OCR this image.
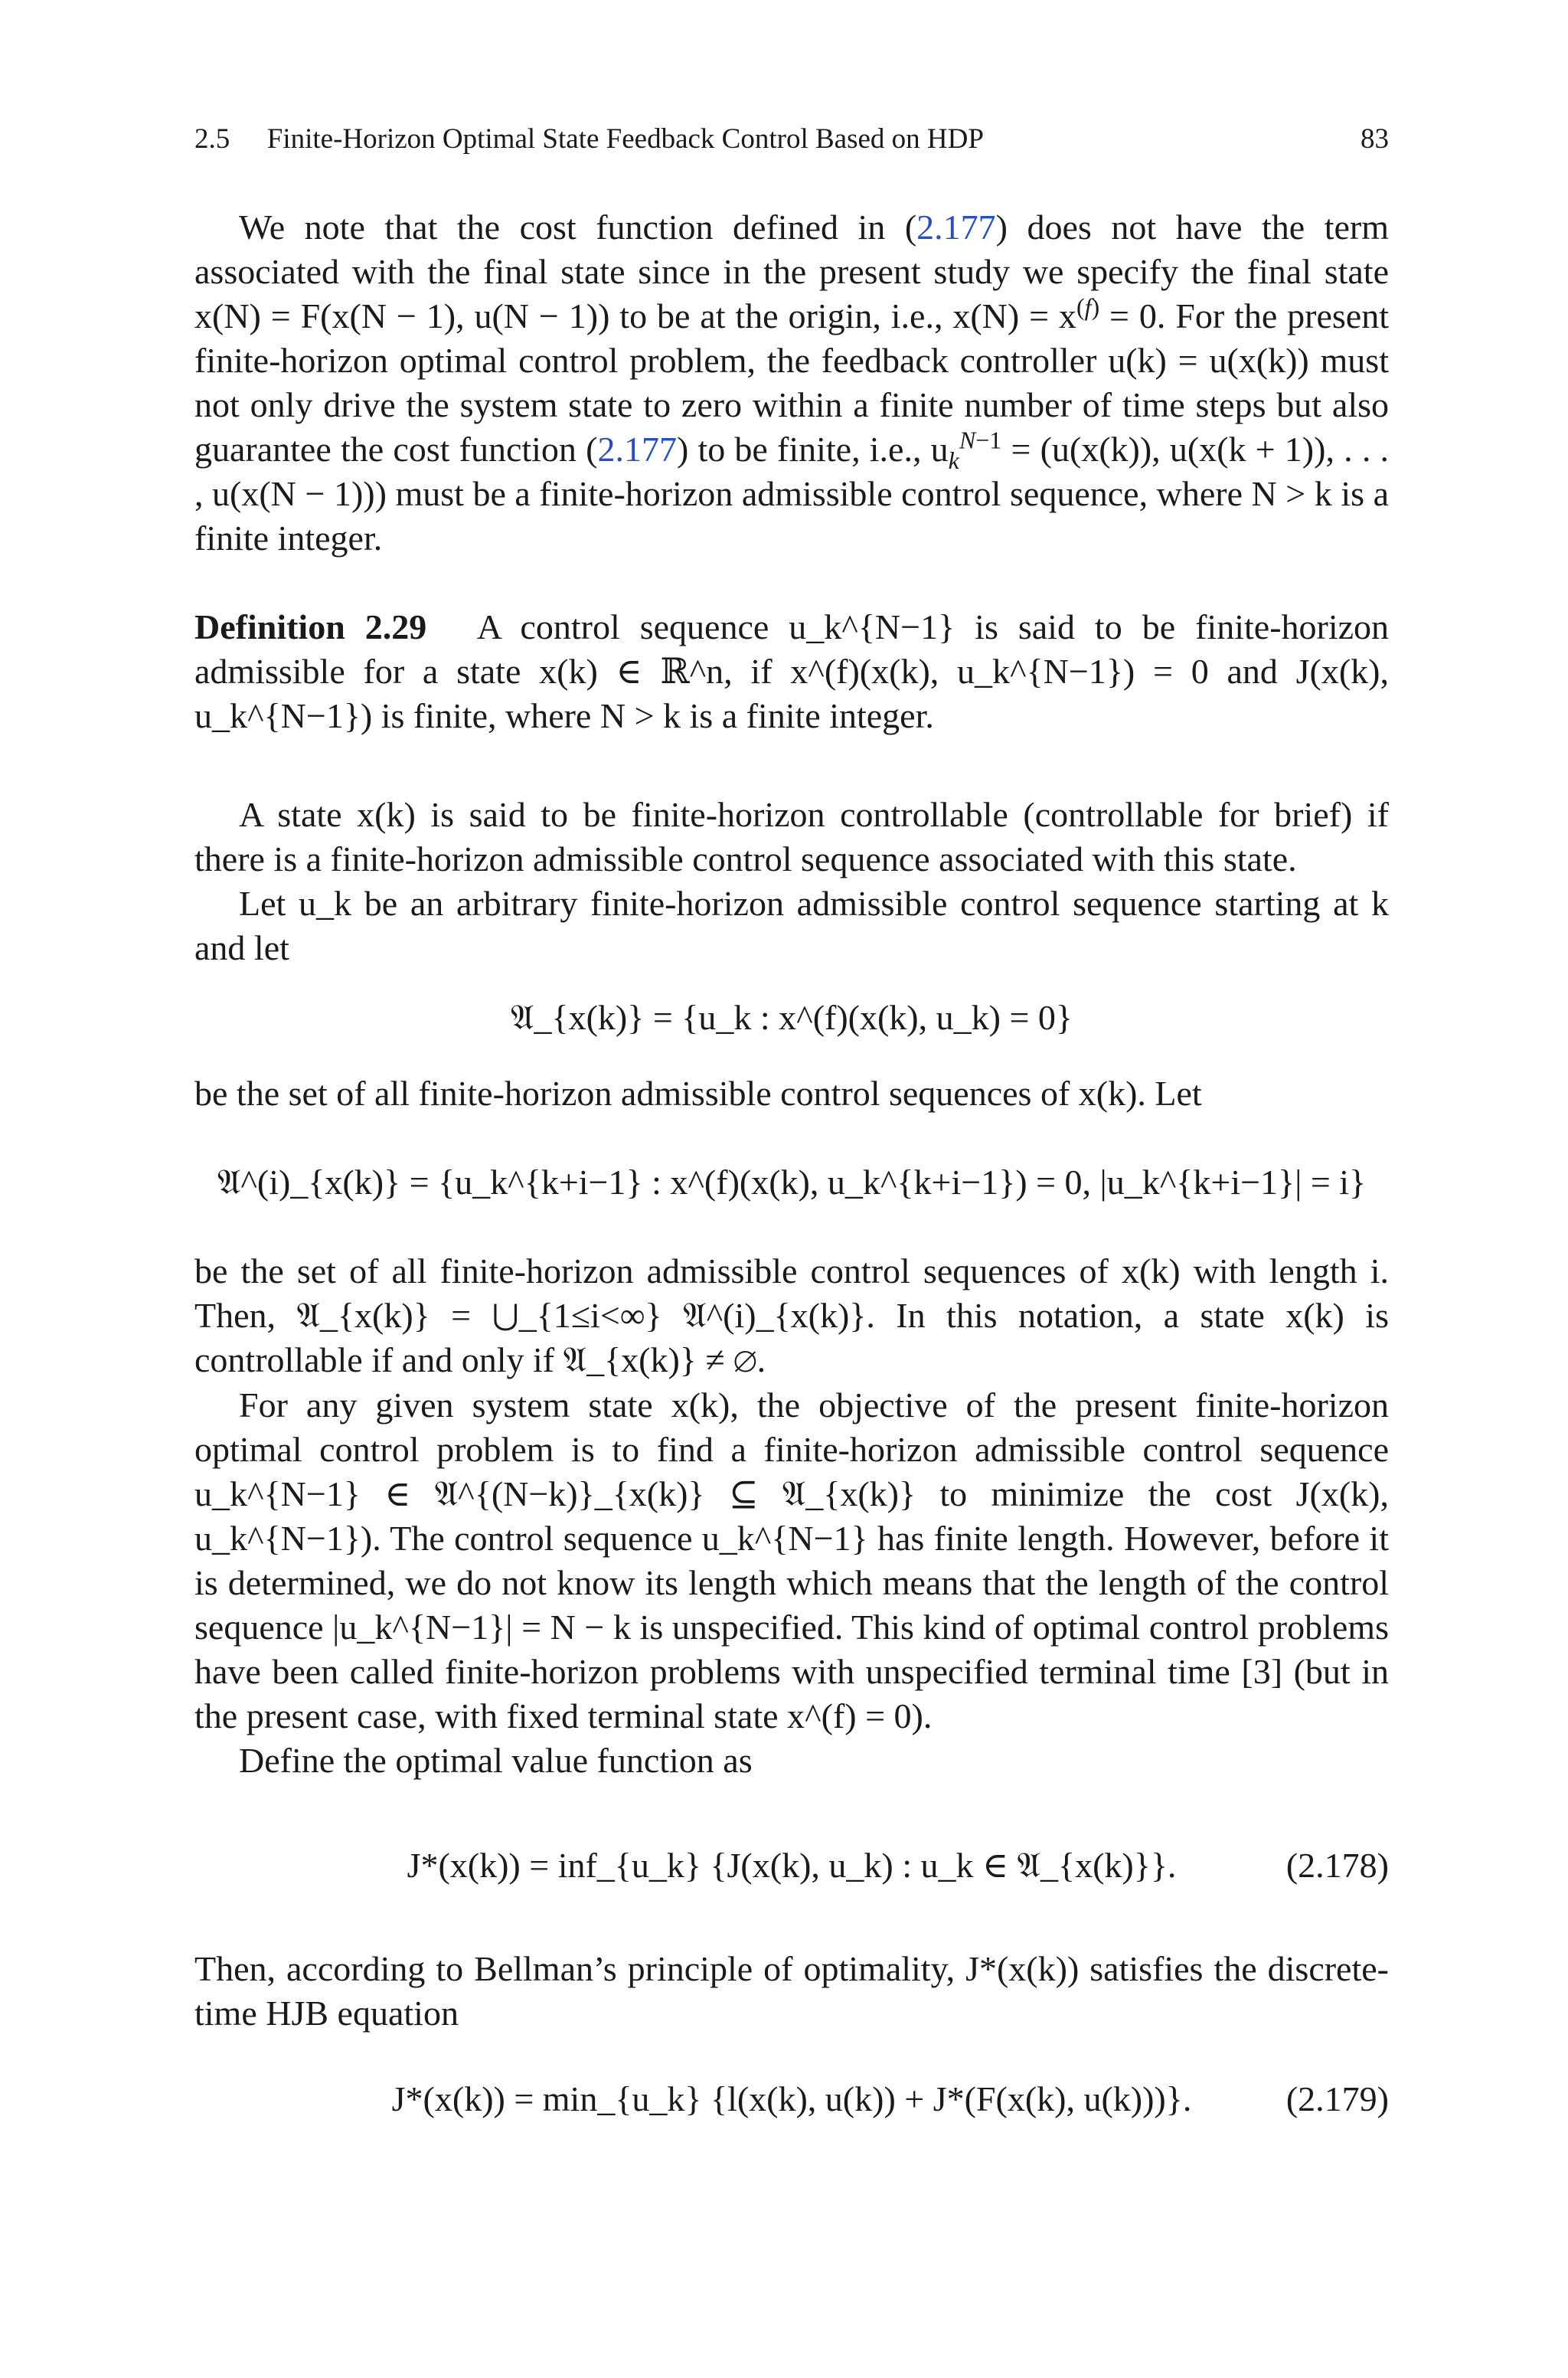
2.5 Finite-Horizon Optimal State Feedback Control Based on HDP	83

We note that the cost function defined in (2.177) does not have the term associated with the final state since in the present study we specify the final state x(N) = F(x(N − 1), u(N − 1)) to be at the origin, i.e., $x(N) = x^{(f)} = 0$. For the present finite-horizon optimal control problem, the feedback controller u(k) = u(x(k)) must not only drive the system state to zero within a finite number of time steps but also guarantee the cost function (2.177) to be finite, i.e., $u_k^{N-1} = (u(x(k))$, u(x(k + 1)), . . . , u(x(N − 1))) must be a finite-horizon admissible control sequence, where N > k is a finite integer.

Definition 2.29 A control sequence u_k^{N−1} is said to be finite-horizon admissible for a state x(k) ∈ ℝ^n, if x^(f)(x(k), u_k^{N−1}) = 0 and J(x(k), u_k^{N−1}) is finite, where N > k is a finite integer.

A state x(k) is said to be finite-horizon controllable (controllable for brief) if there is a finite-horizon admissible control sequence associated with this state.

Let u_k be an arbitrary finite-horizon admissible control sequence starting at k and let

𝔄_{x(k)} = {u_k : x^(f)(x(k), u_k) = 0}

be the set of all finite-horizon admissible control sequences of x(k). Let

𝔄^(i)_{x(k)} = {u_k^{k+i−1} : x^(f)(x(k), u_k^{k+i−1}) = 0, |u_k^{k+i−1}| = i}

be the set of all finite-horizon admissible control sequences of x(k) with length i. Then, 𝔄_{x(k)} = ⋃_{1≤i<∞} 𝔄^(i)_{x(k)}. In this notation, a state x(k) is controllable if and only if 𝔄_{x(k)} ≠ ∅.

For any given system state x(k), the objective of the present finite-horizon optimal control problem is to find a finite-horizon admissible control sequence u_k^{N−1} ∈ 𝔄^{(N−k)}_{x(k)} ⊆ 𝔄_{x(k)} to minimize the cost J(x(k), u_k^{N−1}). The control sequence u_k^{N−1} has finite length. However, before it is determined, we do not know its length which means that the length of the control sequence |u_k^{N−1}| = N − k is unspecified. This kind of optimal control problems have been called finite-horizon problems with unspecified terminal time [3] (but in the present case, with fixed terminal state x^(f) = 0).

Define the optimal value function as

J*(x(k)) = inf_{u_k} {J(x(k), u_k) : u_k ∈ 𝔄_{x(k)}}.	(2.178)

Then, according to Bellman’s principle of optimality, J*(x(k)) satisfies the discrete-time HJB equation

J*(x(k)) = min_{u_k} {l(x(k), u(k)) + J*(F(x(k), u(k)))}.	(2.179)
